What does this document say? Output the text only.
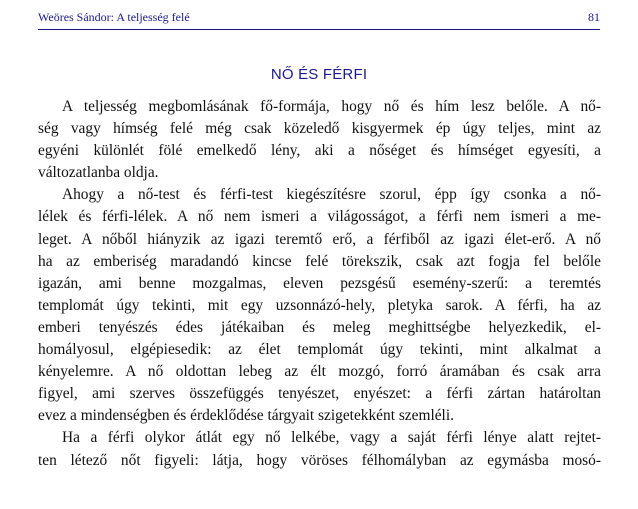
Weöres Sándor: A teljesség felé	81
NŐ ÉS FÉRFI
A teljesség megbomlásának fő-formája, hogy nő és hím lesz belőle. A nő-
ség vagy hímség felé még csak közeledő kisgyermek ép úgy teljes, mint az
egyéni különlét fölé emelkedő lény, aki a nőséget és hímséget egyesíti, a
változatlanba oldja.
Ahogy a nő-test és férfi-test kiegészítésre szorul, épp így csonka a nő-
lélek és férfi-lélek. A nő nem ismeri a világosságot, a férfi nem ismeri a me-
leget. A nőből hiányzik az igazi teremtő erő, a férfiből az igazi élet-erő. A nő
ha az emberiség maradandó kincse felé törekszik, csak azt fogja fel belőle
igazán, ami benne mozgalmas, eleven pezsgésű esemény-szerű: a teremtés
templomát úgy tekinti, mit egy uzsonnázó-hely, pletyka sarok. A férfi, ha az
emberi tenyészés édes játékaiban és meleg meghittségbe helyezkedik, el-
homályosul, elgépiesedik: az élet templomát úgy tekinti, mint alkalmat a
kényelemre. A nő oldottan lebeg az élt mozgó, forró áramában és csak arra
figyel, ami szerves összefüggés tenyészet, enyészet: a férfi zártan határoltan
evez a mindenségben és érdeklődése tárgyait szigetekként szemléli.
Ha a férfi olykor átlát egy nő lelkébe, vagy a saját férfi lénye alatt rejtet-
ten létező nőt figyeli: látja, hogy vöröses félhomályban az egymásba mosó-
